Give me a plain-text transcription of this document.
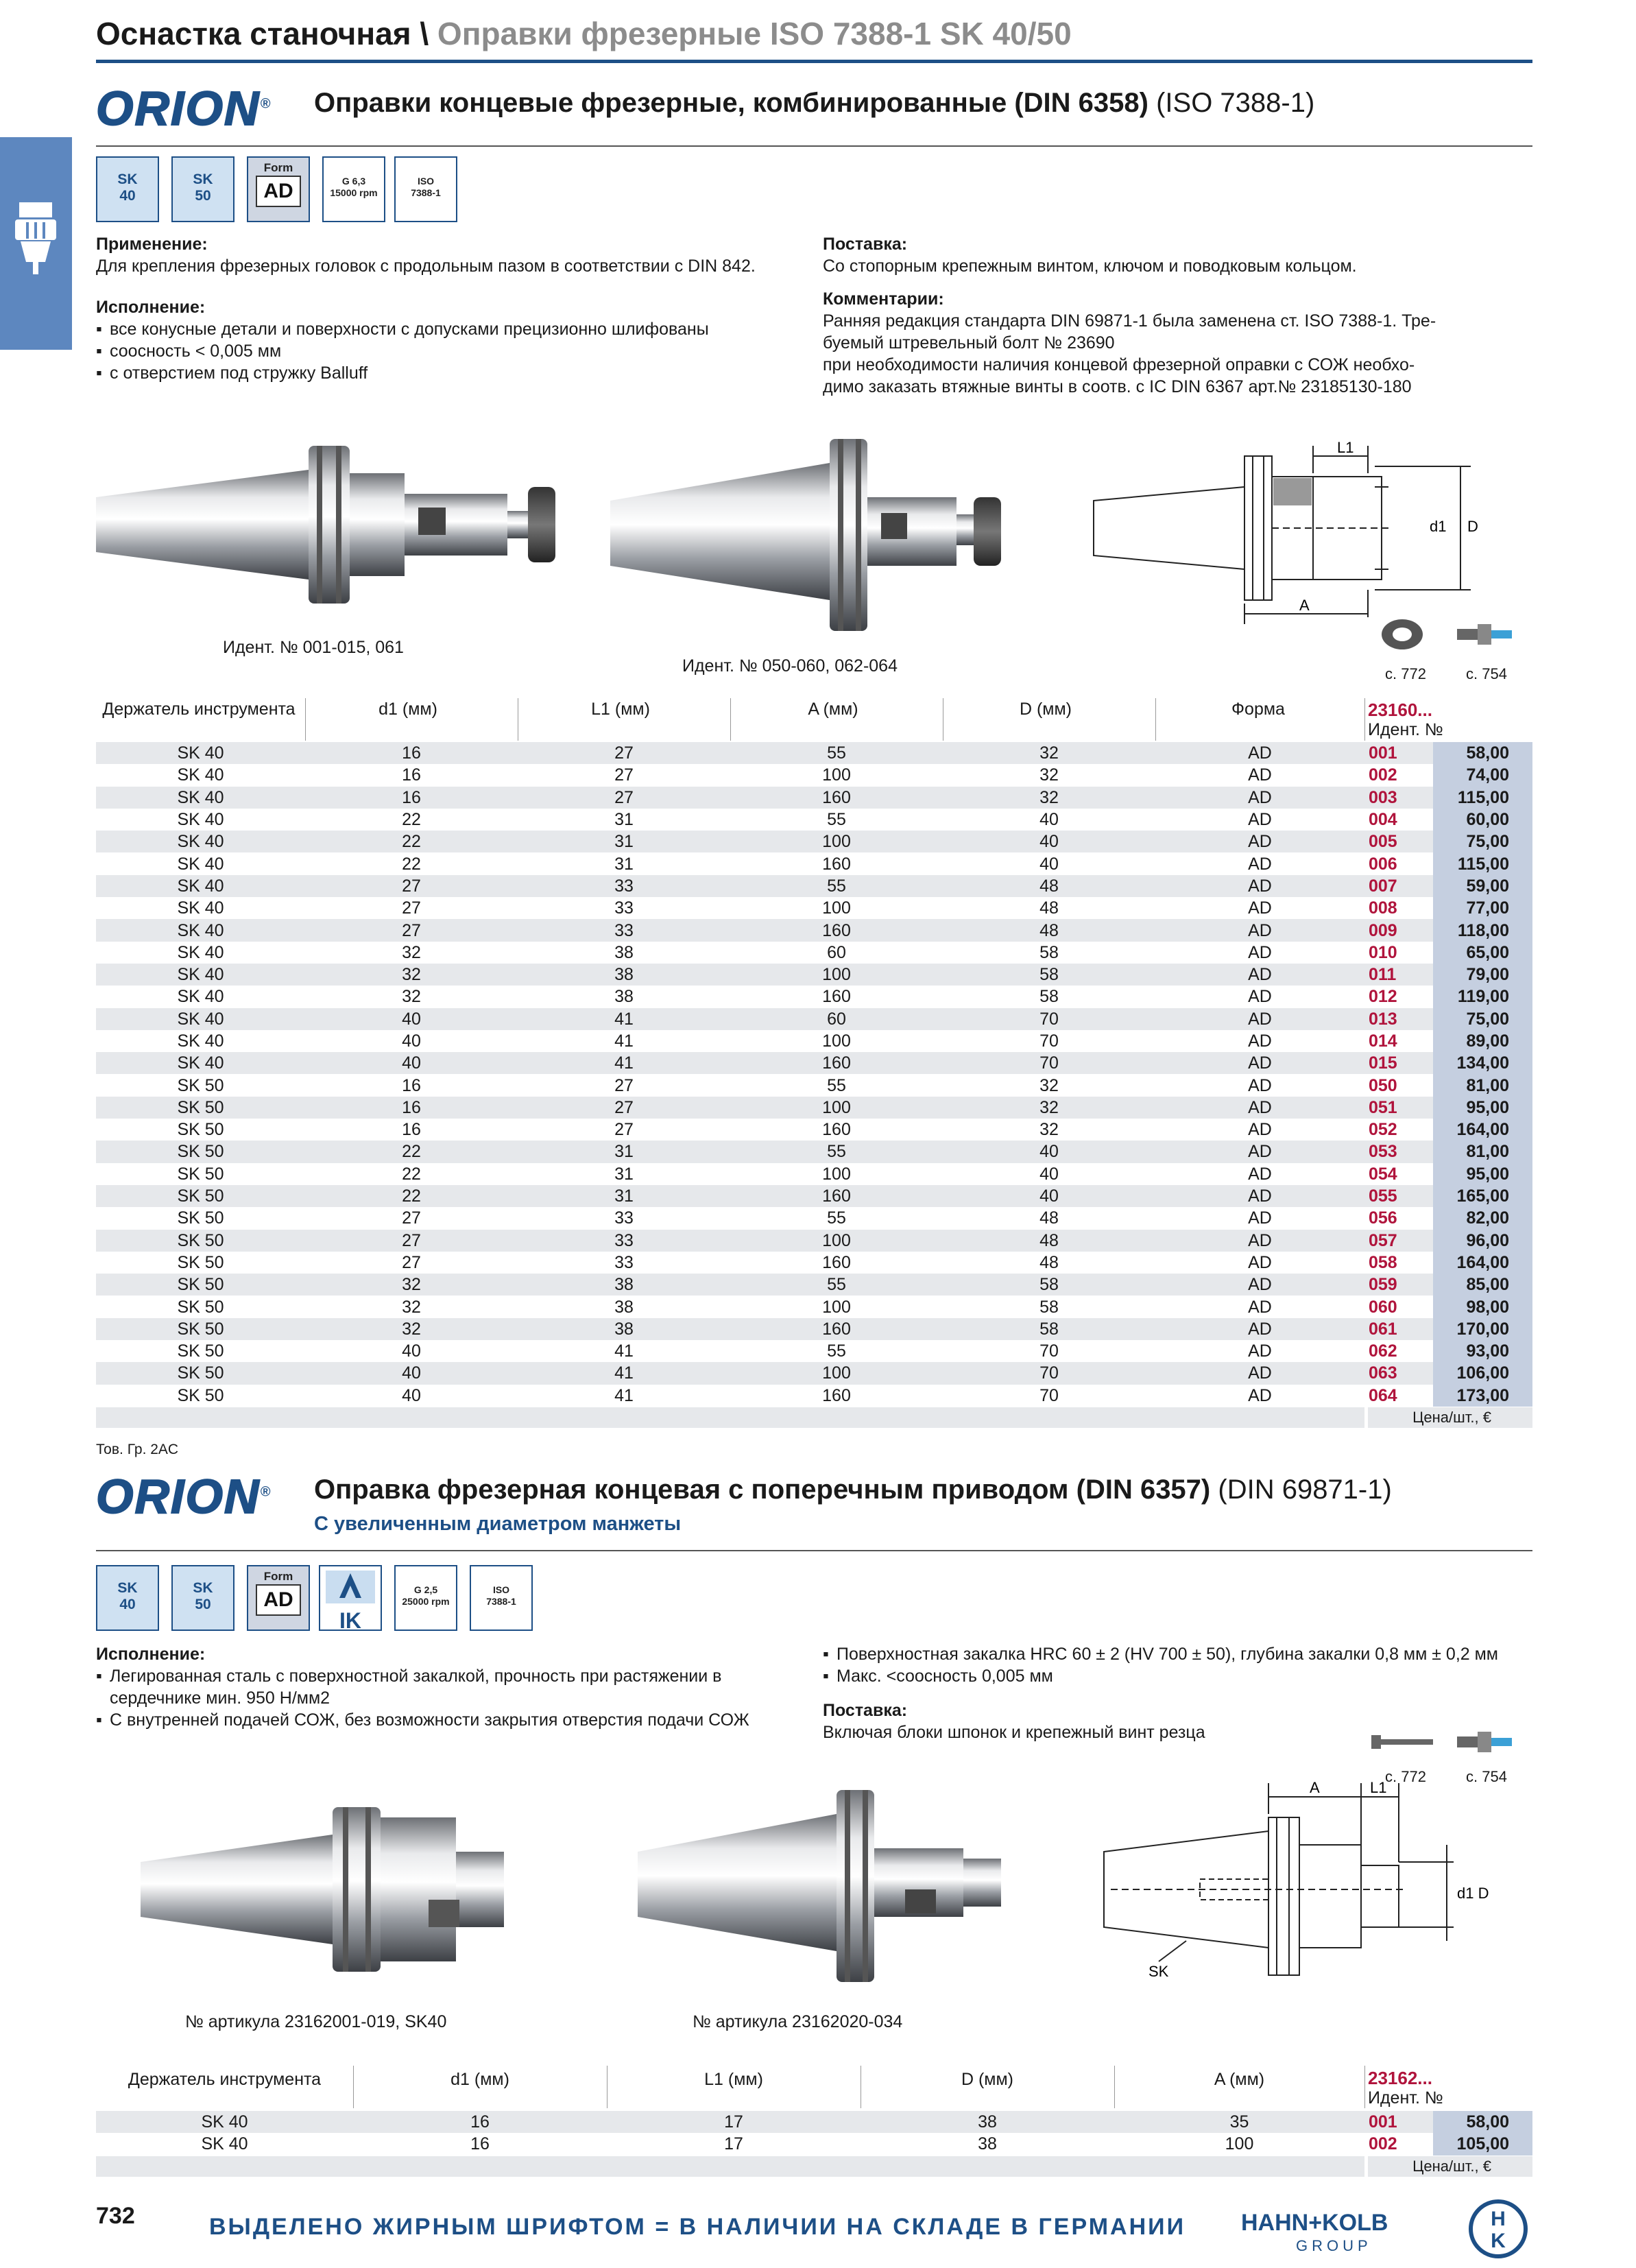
Оснастка станочная \ Оправки фрезерные ISO 7388-1 SK 40/50
ORION® Оправки концевые фрезерные, комбинированные (DIN 6358) (ISO 7388-1)
SK
40
SK
50
Form
AD	G 6,3
15000 rpm
ISO
7388-1
Применение:
Для крепления фрезерных головок с продольным пазом в соответствии с DIN 842.
Исполнение:
▪ все конусные детали и поверхности с допусками прецизионно шлифованы
▪ соосность < 0,005 мм
▪ с отверстием под стружку Balluff
Поставка:
Со стопорным крепежным винтом, ключом и поводковым кольцом.
Комментарии:
Ранняя редакция стандарта DIN 69871-1 была заменена ст. ISO 7388-1. Тре-
буемый штревельный болт № 23690
при необходимости наличия концевой фрезерной оправки с СОЖ необхо-
димо заказать втяжные винты в соотв. с IC DIN 6367 арт.№ 23185130-180
Идент. № 001-015, 061
Идент. № 050-060, 062-064
L1
d1 D
A
с. 772	с. 754
Держатель инструмента	d1 (мм)	L1 (мм)	A (мм)	D (мм)	Форма	23160...
Идент. №
SK 40	16	27	55	32	AD	001	58,00
SK 40	16	27	100	32	AD	002	74,00
SK 40	16	27	160	32	AD	003	115,00
SK 40	22	31	55	40	AD	004	60,00
SK 40	22	31	100	40	AD	005	75,00
SK 40	22	31	160	40	AD	006	115,00
SK 40	27	33	55	48	AD	007	59,00
SK 40	27	33	100	48	AD	008	77,00
SK 40	27	33	160	48	AD	009	118,00
SK 40	32	38	60	58	AD	010	65,00
SK 40	32	38	100	58	AD	011	79,00
SK 40	32	38	160	58	AD	012	119,00
SK 40	40	41	60	70	AD	013	75,00
SK 40	40	41	100	70	AD	014	89,00
SK 40	40	41	160	70	AD	015	134,00
SK 50	16	27	55	32	AD	050	81,00
SK 50	16	27	100	32	AD	051	95,00
SK 50	16	27	160	32	AD	052	164,00
SK 50	22	31	55	40	AD	053	81,00
SK 50	22	31	100	40	AD	054	95,00
SK 50	22	31	160	40	AD	055	165,00
SK 50	27	33	55	48	AD	056	82,00
SK 50	27	33	100	48	AD	057	96,00
SK 50	27	33	160	48	AD	058	164,00
SK 50	32	38	55	58	AD	059	85,00
SK 50	32	38	100	58	AD	060	98,00
SK 50	32	38	160	58	AD	061	170,00
SK 50	40	41	55	70	AD	062	93,00
SK 50	40	41	100	70	AD	063	106,00
SK 50	40	41	160	70	AD	064	173,00
Цена/шт., €
Тов. Гр. 2AC
ORION® Оправка фрезерная концевая с поперечным приводом (DIN 6357) (DIN 69871-1)
С увеличенным диаметром манжеты
SK
40
SK
50
Form
AD
IK
G 2,5
25000 rpm
ISO
7388-1
Исполнение:
▪ Легированная сталь с поверхностной закалкой, прочность при растяжении в сердечнике мин. 950 Н/мм2
▪ С внутренней подачей СОЖ, без возможности закрытия отверстия подачи СОЖ
▪ Поверхностная закалка HRC 60 ± 2 (HV 700 ± 50), глубина закалки 0,8 мм ± 0,2 мм
▪ Макс. <соосность 0,005 мм
Поставка:
Включая блоки шпонок и крепежный винт резца
с. 772	с. 754
№ артикула 23162001-019, SK40	№ артикула 23162020-034
A	L1
d1 D
SK
Держатель инструмента	d1 (мм)	L1 (мм)	D (мм)	A (мм)	23162...
Идент. №
SK 40	16	17	38	35	001	58,00
SK 40	16	17	38	100	002	105,00
Цена/шт., €
732	ВЫДЕЛЕНО ЖИРНЫМ ШРИФТОМ = В НАЛИЧИИ НА СКЛАДЕ В ГЕРМАНИИ HAHN+KOLB
GROUP
H
K
